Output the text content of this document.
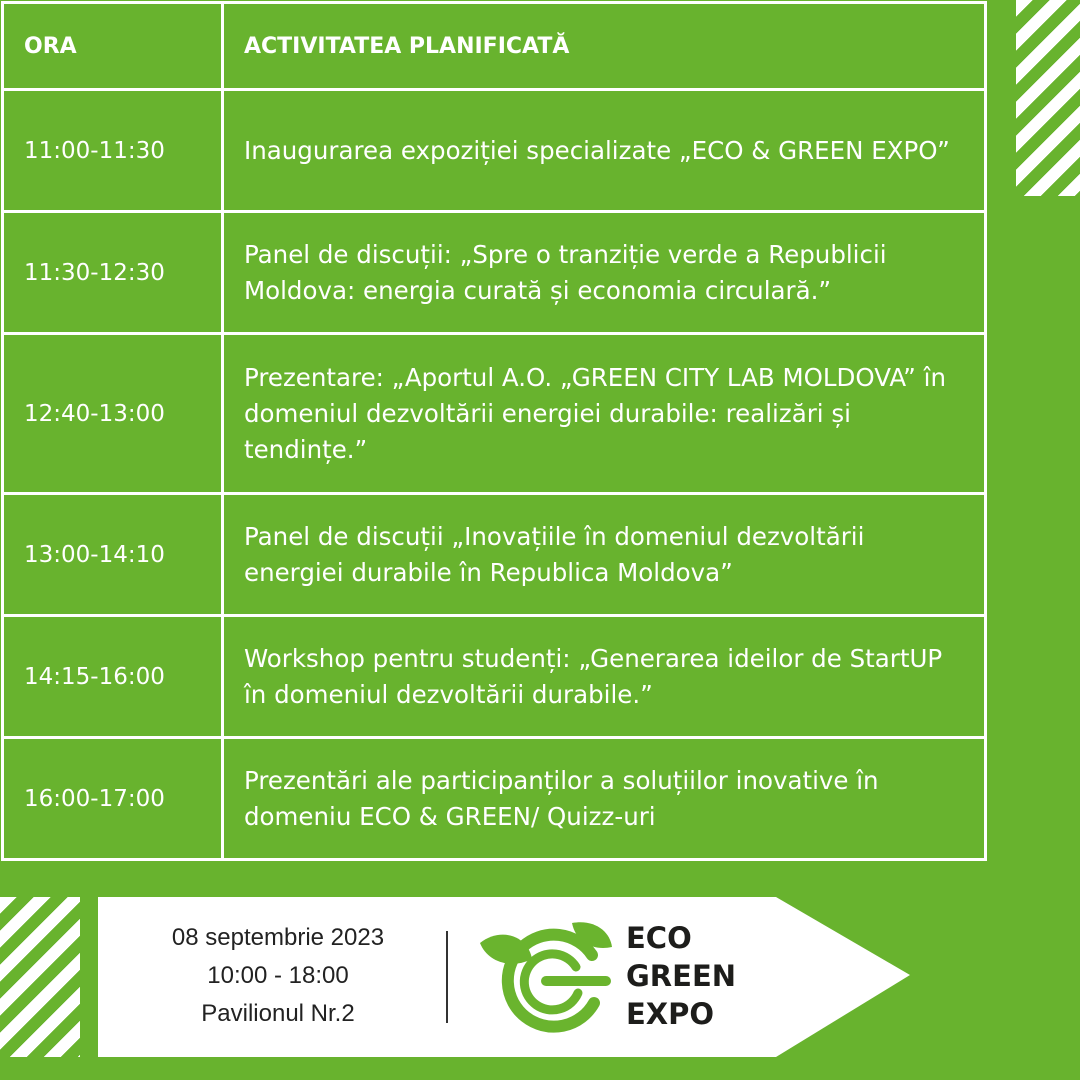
ORA	ACTIVITATEA PLANIFICATĂ
11:00-11:30	Inaugurarea expoziției specializate „ECO & GREEN EXPO”
11:30-12:30	Panel de discuții: „Spre o tranziție verde a Republicii Moldova: energia curată și economia circulară.”
12:40-13:00	Prezentare: „Aportul A.O. „GREEN CITY LAB MOLDOVA” în domeniul dezvoltării energiei durabile: realizări și tendințe.”
13:00-14:10	Panel de discuții „Inovațiile în domeniul dezvoltării energiei durabile în Republica Moldova”
14:15-16:00	Workshop pentru studenți: „Generarea ideilor de StartUP în domeniul dezvoltării durabile.”
16:00-17:00	Prezentări ale participanților a soluțiilor inovative în domeniu ECO & GREEN/ Quizz-uri
08 septembrie 2023
10:00 - 18:00
Pavilionul Nr.2
ECO
GREEN
EXPO
